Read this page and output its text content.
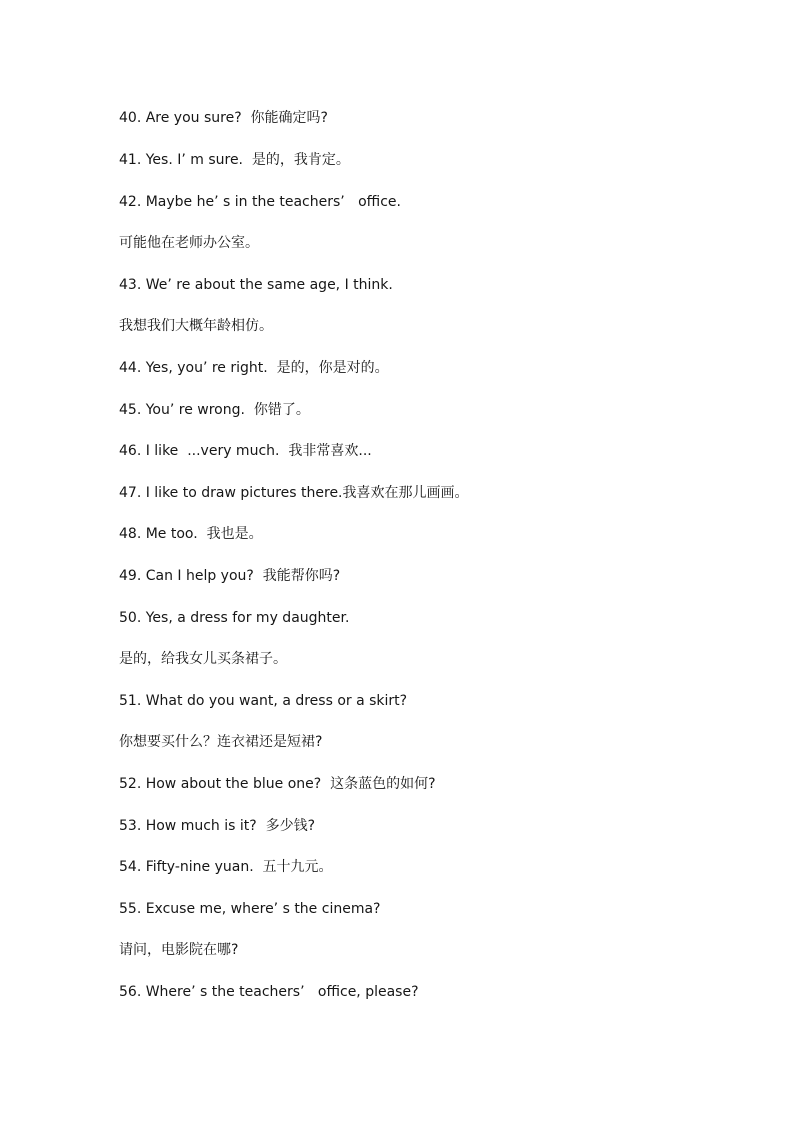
40. Are you sure?  你能确定吗?
41. Yes. I’ m sure.  是的，我肯定。
42. Maybe he’ s in the teachers’   office.
可能他在老师办公室。
43. We’ re about the same age, I think.
我想我们大概年龄相仿。
44. Yes, you’ re right.  是的，你是对的。
45. You’ re wrong.  你错了。
46. I like  ...very much.  我非常喜欢...
47. I like to draw pictures there.我喜欢在那儿画画。
48. Me too.  我也是。
49. Can I help you?  我能帮你吗?
50. Yes, a dress for my daughter.
是的，给我女儿买条裙子。
51. What do you want, a dress or a skirt?
你想要买什么？连衣裙还是短裙?
52. How about the blue one?  这条蓝色的如何?
53. How much is it?  多少钱?
54. Fifty-nine yuan.  五十九元。
55. Excuse me, where’ s the cinema?
请问，电影院在哪?
56. Where’ s the teachers’   office, please?
